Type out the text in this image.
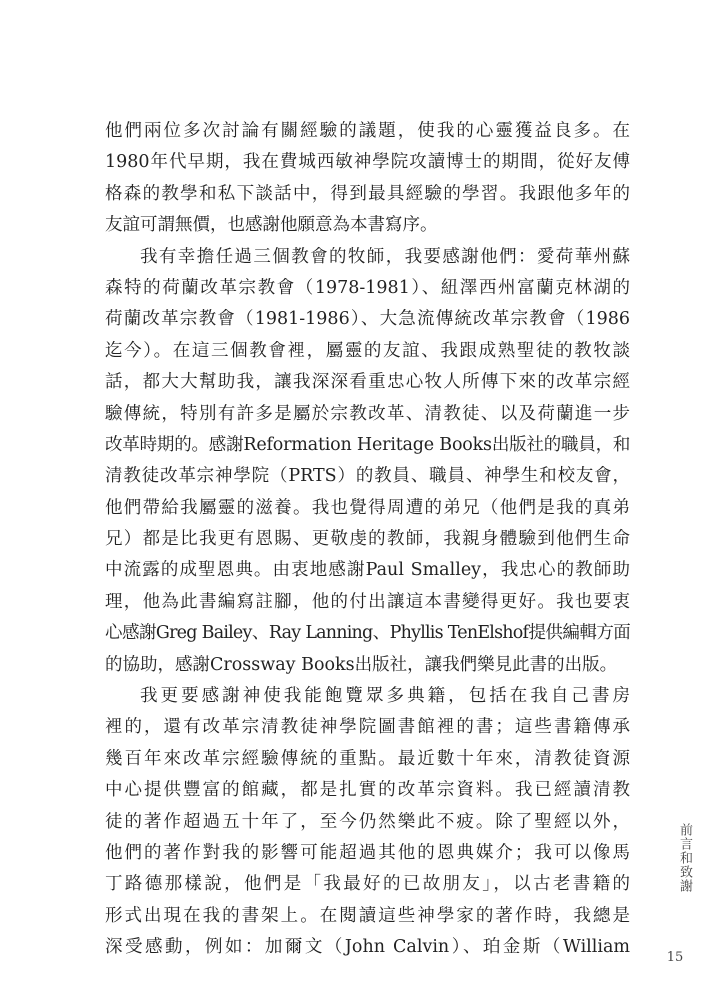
他們兩位多次討論有關經驗的議題，使我的心靈獲益良多。在
1980年代早期，我在費城西敏神學院攻讀博士的期間，從好友傅
格森的教學和私下談話中，得到最具經驗的學習。我跟他多年的
友誼可謂無價，也感謝他願意為本書寫序。
我有幸擔任過三個教會的牧師，我要感謝他們：愛荷華州蘇
森特的荷蘭改革宗教會（1978-1981）、紐澤西州富蘭克林湖的
荷蘭改革宗教會（1981-1986）、大急流傳統改革宗教會（1986
迄今）。在這三個教會裡，屬靈的友誼、我跟成熟聖徒的教牧談
話，都大大幫助我，讓我深深看重忠心牧人所傳下來的改革宗經
驗傳統，特別有許多是屬於宗教改革、清教徒、以及荷蘭進一步
改革時期的。感謝Reformation Heritage Books出版社的職員，和
清教徒改革宗神學院（PRTS）的教員、職員、神學生和校友會，
他們帶給我屬靈的滋養。我也覺得周遭的弟兄（他們是我的真弟
兄）都是比我更有恩賜、更敬虔的教師，我親身體驗到他們生命
中流露的成聖恩典。由衷地感謝Paul Smalley，我忠心的教師助
理，他為此書編寫註腳，他的付出讓這本書變得更好。我也要衷
心感謝Greg Bailey、Ray Lanning、Phyllis TenElshof提供編輯方面
的協助，感謝Crossway Books出版社，讓我們樂見此書的出版。
我更要感謝神使我能飽覽眾多典籍，包括在我自己書房
裡的，還有改革宗清教徒神學院圖書館裡的書；這些書籍傳承
幾百年來改革宗經驗傳統的重點。最近數十年來，清教徒資源
中心提供豐富的館藏，都是扎實的改革宗資料。我已經讀清教
徒的著作超過五十年了，至今仍然樂此不疲。除了聖經以外，
他們的著作對我的影響可能超過其他的恩典媒介；我可以像馬
丁路德那樣說，他們是「我最好的已故朋友」，以古老書籍的
形式出現在我的書架上。在閱讀這些神學家的著作時，我總是
深受感動，例如：加爾文（John Calvin）、珀金斯（William
前言和致謝
15
